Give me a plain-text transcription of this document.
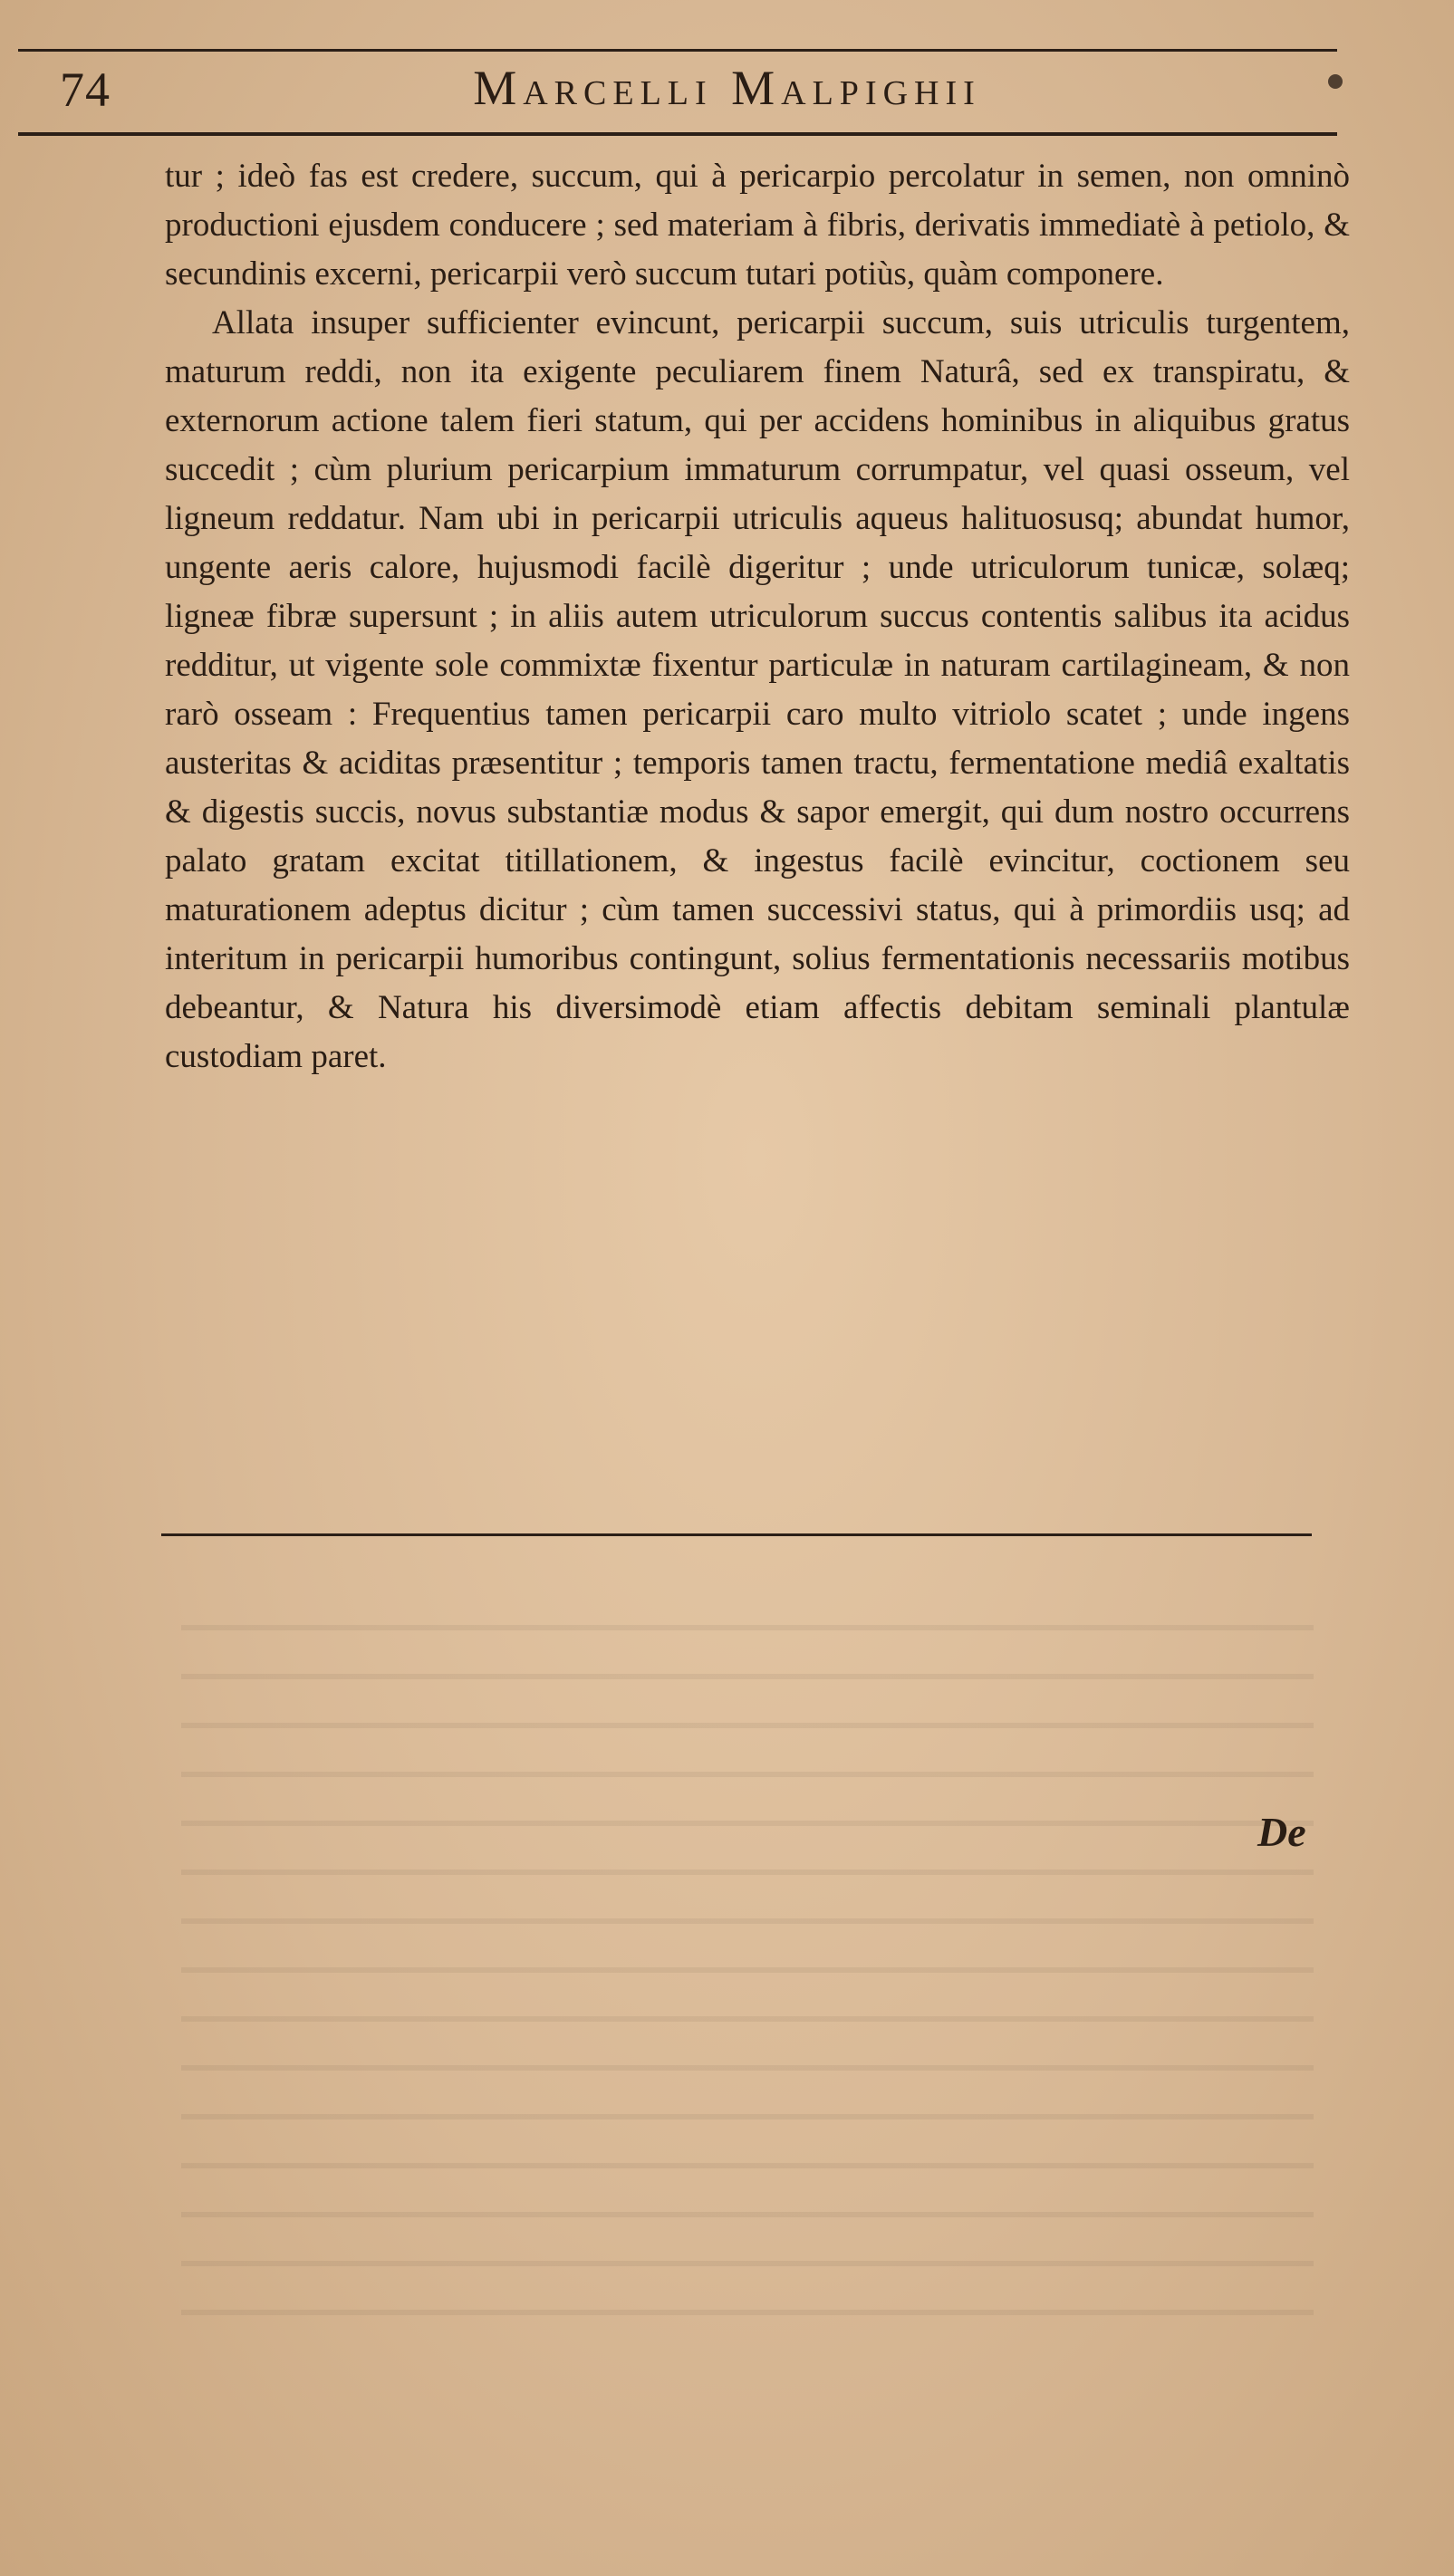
74	Marcelli Malpighii

tur ; ideò fas est credere, succum, qui à pericarpio percolatur in semen, non omninò productioni ejusdem conducere ; sed materiam à fibris, derivatis immediatè à petiolo, & secundinis excerni, pericarpii verò succum tutari potiùs, quàm componere.

Allata insuper sufficienter evincunt, pericarpii succum, suis utriculis turgentem, maturum reddi, non ita exigente peculiarem finem Naturâ, sed ex transpiratu, & externorum actione talem fieri statum, qui per accidens hominibus in aliquibus gratus succedit ; cùm plurium pericarpium immaturum corrumpatur, vel quasi osseum, vel ligneum reddatur. Nam ubi in pericarpii utriculis aqueus halituosusq; abundat humor, ungente aeris calore, hujusmodi facilè digeritur ; unde utriculorum tunicæ, solæq; ligneæ fibræ supersunt ; in aliis autem utriculorum succus contentis salibus ita acidus redditur, ut vigente sole commixtæ fixentur particulæ in naturam cartilagineam, & non rarò osseam : Frequentius tamen pericarpii caro multo vitriolo scatet ; unde ingens austeritas & aciditas præsentitur ; temporis tamen tractu, fermentatione mediâ exaltatis & digestis succis, novus substantiæ modus & sapor emergit, qui dum nostro occurrens palato gratam excitat titillationem, & ingestus facilè evincitur, coctionem seu maturationem adeptus dicitur ; cùm tamen successivi status, qui à primordiis usq; ad interitum in pericarpii humoribus contingunt, solius fermentationis necessariis motibus debeantur, & Natura his diversimodè etiam affectis debitam seminali plantulæ custodiam paret.

De
